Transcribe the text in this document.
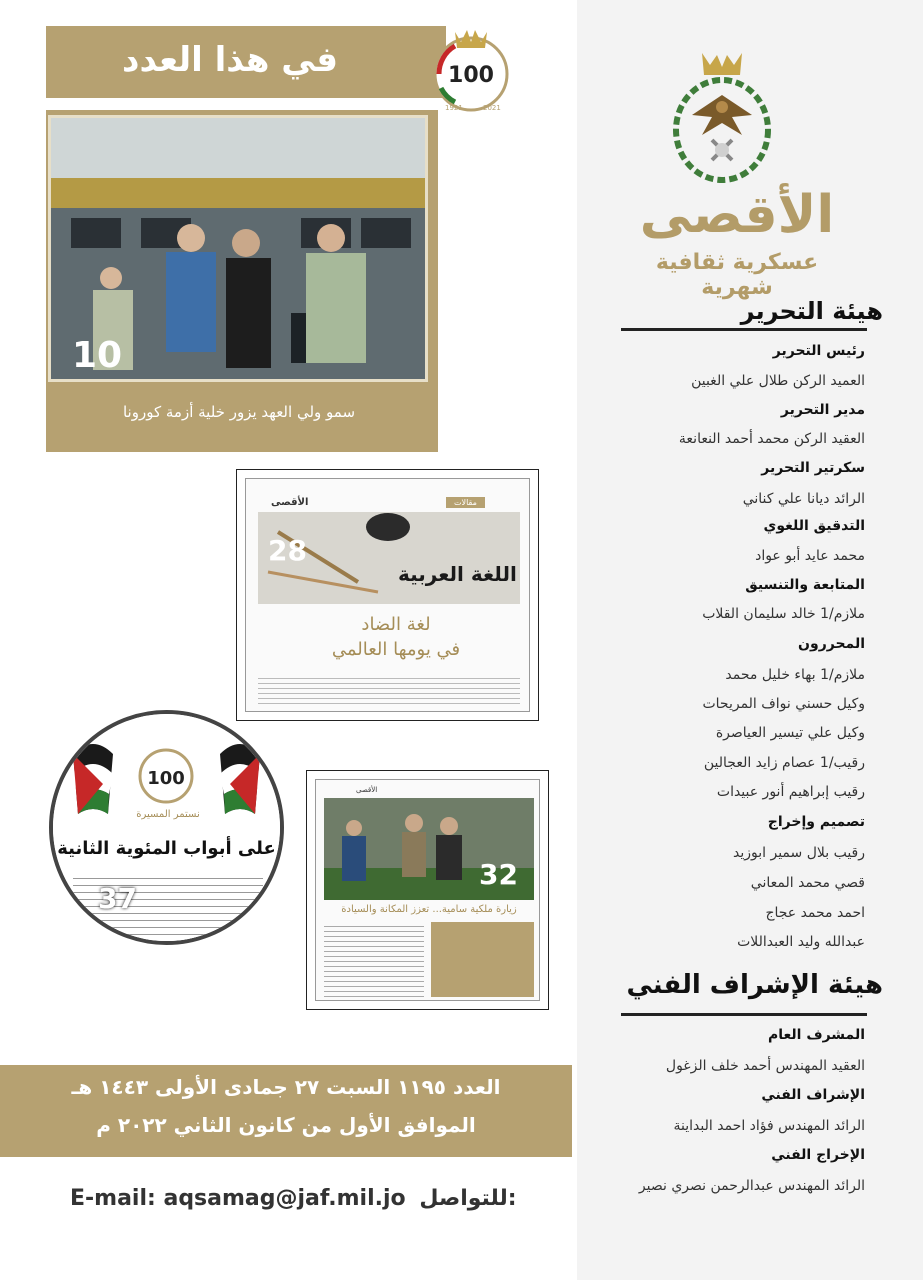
الأقصى
عسكرية ثقافية شهرية
هيئة التحرير
رئيس التحرير
العميد الركن طلال علي الغبين
مدير التحرير
العقيد الركن محمد أحمد النعانعة
سكرتير التحرير
الرائد ديانا علي كناني
التدقيق اللغوي
محمد عايد أبو عواد
المتابعة والتنسيق
ملازم/1 خالد سليمان القلاب
المحررون
ملازم/1 بهاء خليل محمد
وكيل حسني نواف المريحات
وكيل علي تيسير العياصرة
رقيب/1 عصام زايد العجالين
رقيب إبراهيم أنور عبيدات
تصميم وإخراج
رقيب بلال سمير ابوزيد
قصي محمد المعاني
احمد محمد عجاج
عبدالله وليد العبداللات
هيئة الإشراف الفني
المشرف العام
العقيد المهندس أحمد خلف الزغول
الإشراف الفني
الرائد المهندس فؤاد احمد البداينة
الإخراج الفني
الرائد المهندس عبدالرحمن نصري نصير
في هذا العدد	100
1921	2021
10
سمو ولي العهد يزور خلية أزمة كورونا
الأقصى	مقالات
اللغة العربية
28
لغة الضاد
في يومها العالمي
100
نستمر المسيرة
على أبواب المئوية الثانية
37
الأقصى
32
زيارة ملكية سامية... تعزز المكانة والسيادة
العدد ١١٩٥ السبت ٢٧ جمادى الأولى ١٤٤٣ هـ
الموافق الأول من كانون الثاني ٢٠٢٢ م
E-mail: aqsamag@jaf.mil.jo للتواصل:
